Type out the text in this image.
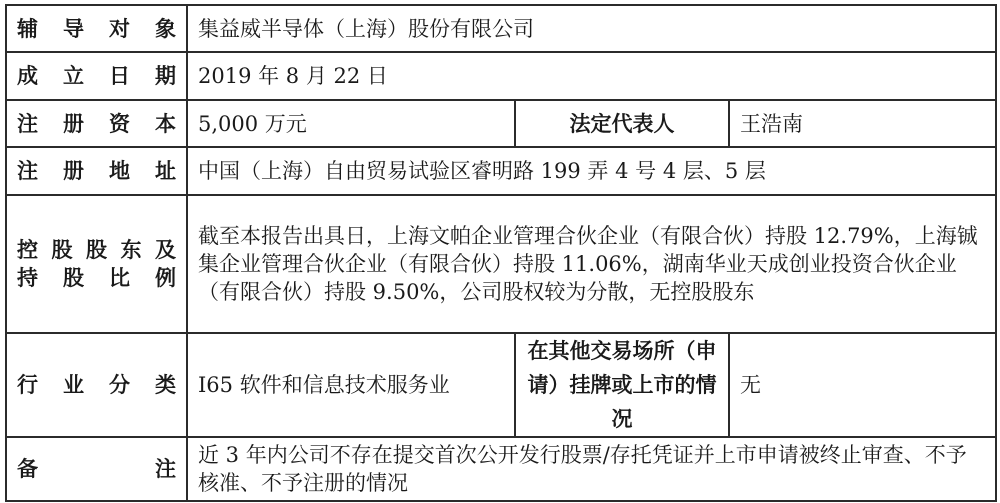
辅导对象	集益威半导体（上海）股份有限公司		
成立日期	2019 年 8 月 22 日		
注册资本	5,000 万元	法定代表人	王浩南
注册地址	中国（上海）自由贸易试验区睿明路 199 弄 4 号 4 层、5 层		

控股股东及
持股比例	截至本报告出具日，上海文帕企业管理合伙企业（有限合伙）持股 12.79%，上海铖集企业管理合伙企业（有限合伙）持股 11.06%，湖南华业天成创业投资合伙企业（有限合伙）持股 9.50%，公司股权较为分散，无控股股东		
行业分类	I65 软件和信息技术服务业	在其他交易场所（申请）挂牌或上市的情况	无
备注	近 3 年内公司不存在提交首次公开发行股票/存托凭证并上市申请被终止审查、不予核准、不予注册的情况		
